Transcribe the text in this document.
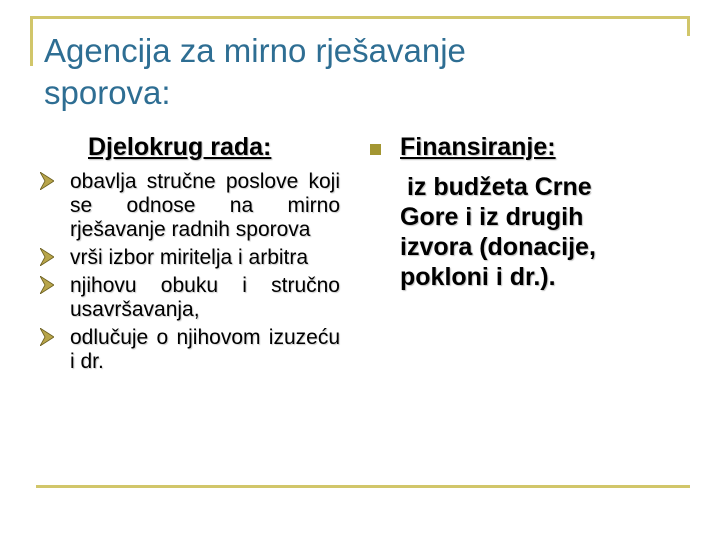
Agencija za mirno rješavanje
sporova:
Djelokrug rada:
obavlja stručne poslove koji se odnose na mirno rješavanje radnih sporova
vrši izbor miritelja i arbitra
njihovu obuku i stručno usavršavanja,
odlučuje o njihovom izuzeću i dr.
Finansiranje:
iz budžeta Crne
Gore i iz drugih
izvora (donacije,
pokloni i dr.).
